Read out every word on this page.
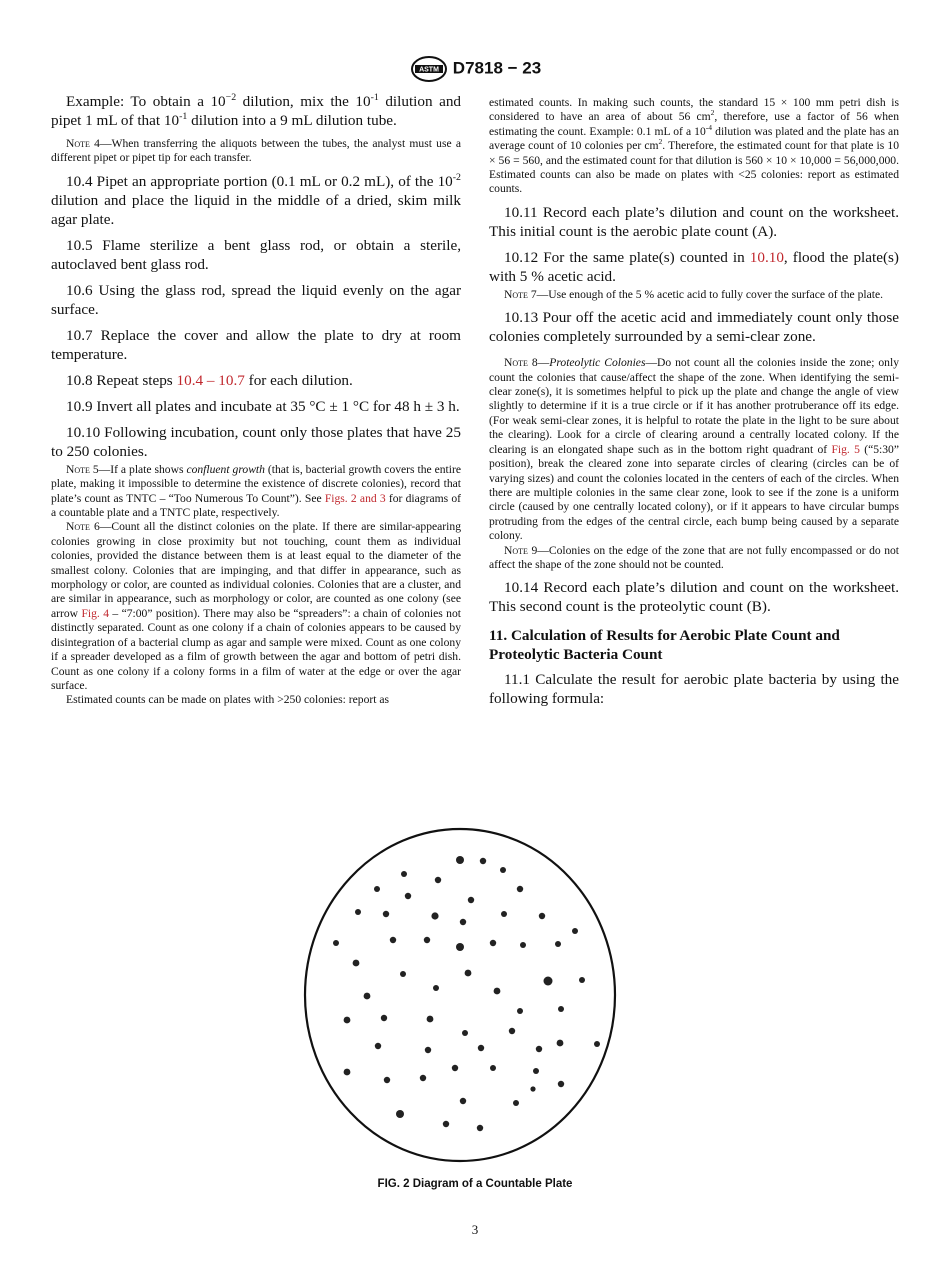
ASTM D7818 − 23

Example: To obtain a $10^{-2}$ dilution, mix the $10^{-1}$ dilution and pipet 1 mL of that $10^{-1}$ dilution into a 9 mL dilution tube.

Note 4—When transferring the aliquots between the tubes, the analyst must use a different pipet or pipet tip for each transfer.

10.4 Pipet an appropriate portion (0.1 mL or 0.2 mL), of the $10^{-2}$ dilution and place the liquid in the middle of a dried, skim milk agar plate.

10.5 Flame sterilize a bent glass rod, or obtain a sterile, autoclaved bent glass rod.

10.6 Using the glass rod, spread the liquid evenly on the agar surface.

10.7 Replace the cover and allow the plate to dry at room temperature.

10.8 Repeat steps 10.4 – 10.7 for each dilution.

10.9 Invert all plates and incubate at 35 °C ± 1 °C for 48 h ± 3 h.

10.10 Following incubation, count only those plates that have 25 to 250 colonies.

Note 5—If a plate shows confluent growth (that is, bacterial growth covers the entire plate, making it impossible to determine the existence of discrete colonies), record that plate’s count as TNTC – “Too Numerous To Count”). See Figs. 2 and 3 for diagrams of a countable plate and a TNTC plate, respectively.

Note 6—Count all the distinct colonies on the plate. If there are similar-appearing colonies growing in close proximity but not touching, count them as individual colonies, provided the distance between them is at least equal to the diameter of the smallest colony. Colonies that are impinging, and that differ in appearance, such as morphology or color, are counted as individual colonies. Colonies that are a cluster, and are similar in appearance, such as morphology or color, are counted as one colony (see arrow Fig. 4 – “7:00” position). There may also be “spreaders”: a chain of colonies not distinctly separated. Count as one colony if a chain of colonies appears to be caused by disintegration of a bacterial clump as agar and sample were mixed. Count as one colony if a spreader developed as a film of growth between the agar and bottom of petri dish. Count as one colony if a colony forms in a film of water at the edge or over the agar surface.

Estimated counts can be made on plates with >250 colonies: report as

estimated counts. In making such counts, the standard 15 × 100 mm petri dish is considered to have an area of about 56 $cm^2$, therefore, use a factor of 56 when estimating the count. Example: 0.1 mL of a $10^{-4}$ dilution was plated and the plate has an average count of 10 colonies per $cm^2$. Therefore, the estimated count for that plate is 10 × 56 = 560, and the estimated count for that dilution is 560 × 10 × 10,000 = 56,000,000. Estimated counts can also be made on plates with <25 colonies: report as estimated counts.

10.11 Record each plate’s dilution and count on the worksheet. This initial count is the aerobic plate count (A).

10.12 For the same plate(s) counted in 10.10, flood the plate(s) with 5 % acetic acid.

Note 7—Use enough of the 5 % acetic acid to fully cover the surface of the plate.

10.13 Pour off the acetic acid and immediately count only those colonies completely surrounded by a semi-clear zone.

Note 8—Proteolytic Colonies—Do not count all the colonies inside the zone; only count the colonies that cause/affect the shape of the zone. When identifying the semi-clear zone(s), it is sometimes helpful to pick up the plate and change the angle of view slightly to determine if it is a true circle or if it has another protruberance off its edge. (For weak semi-clear zones, it is helpful to rotate the plate in the light to be sure about the clearing). Look for a circle of clearing around a centrally located colony. If the clearing is an elongated shape such as in the bottom right quadrant of Fig. 5 (“5:30” position), break the cleared zone into separate circles of clearing (circles can be of varying sizes) and count the colonies located in the centers of each of the circles. When there are multiple colonies in the same clear zone, look to see if the zone is a uniform circle (caused by one centrally located colony), or if it appears to have circular bumps protruding from the edges of the central circle, each bump being caused by a separate colony.

Note 9—Colonies on the edge of the zone that are not fully encompassed or do not affect the shape of the zone should not be counted.

10.14 Record each plate’s dilution and count on the worksheet. This second count is the proteolytic count (B).

11. Calculation of Results for Aerobic Plate Count and Proteolytic Bacteria Count

11.1 Calculate the result for aerobic plate bacteria by using the following formula:

FIG. 2 Diagram of a Countable Plate
3
